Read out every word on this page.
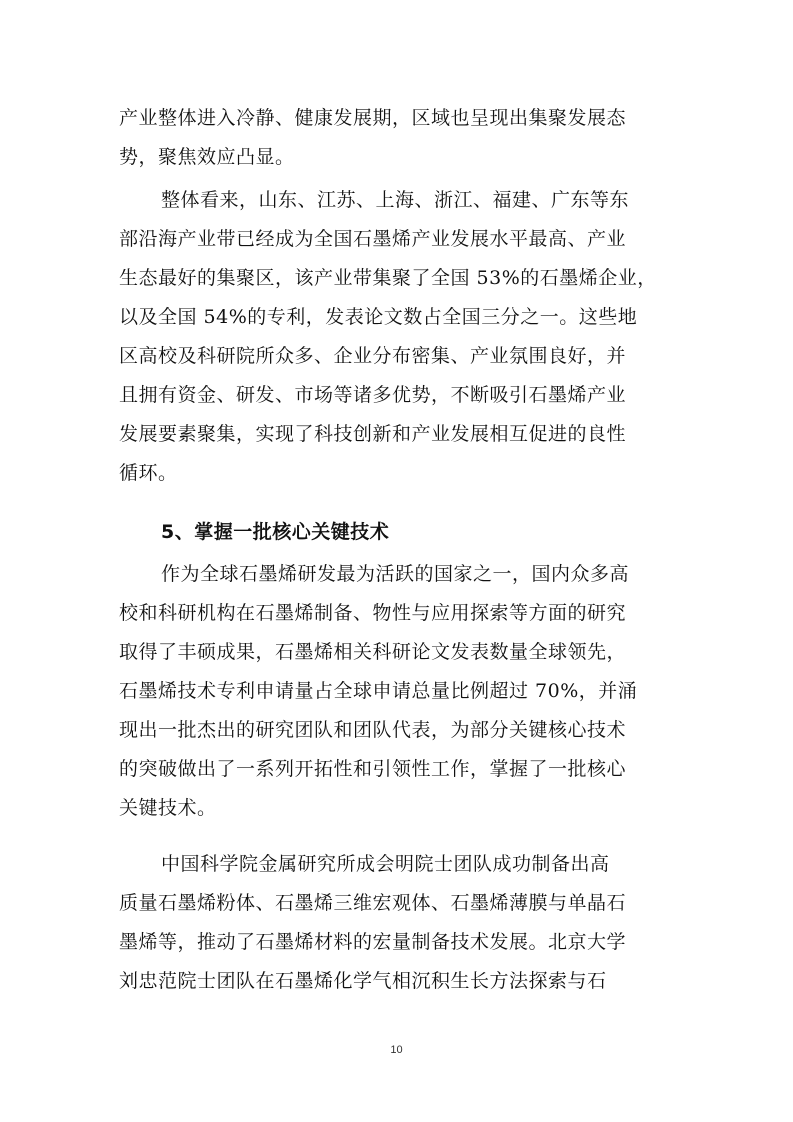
产业整体进入冷静、健康发展期，区域也呈现出集聚发展态
势，聚焦效应凸显。
整体看来，山东、江苏、上海、浙江、福建、广东等东
部沿海产业带已经成为全国石墨烯产业发展水平最高、产业
生态最好的集聚区，该产业带集聚了全国 53%的石墨烯企业，
以及全国 54%的专利，发表论文数占全国三分之一。这些地
区高校及科研院所众多、企业分布密集、产业氛围良好，并
且拥有资金、研发、市场等诸多优势，不断吸引石墨烯产业
发展要素聚集，实现了科技创新和产业发展相互促进的良性
循环。
5、掌握一批核心关键技术
作为全球石墨烯研发最为活跃的国家之一，国内众多高
校和科研机构在石墨烯制备、物性与应用探索等方面的研究
取得了丰硕成果，石墨烯相关科研论文发表数量全球领先，
石墨烯技术专利申请量占全球申请总量比例超过 70%，并涌
现出一批杰出的研究团队和团队代表，为部分关键核心技术
的突破做出了一系列开拓性和引领性工作，掌握了一批核心
关键技术。
中国科学院金属研究所成会明院士团队成功制备出高
质量石墨烯粉体、石墨烯三维宏观体、石墨烯薄膜与单晶石
墨烯等，推动了石墨烯材料的宏量制备技术发展。北京大学
刘忠范院士团队在石墨烯化学气相沉积生长方法探索与石
10
